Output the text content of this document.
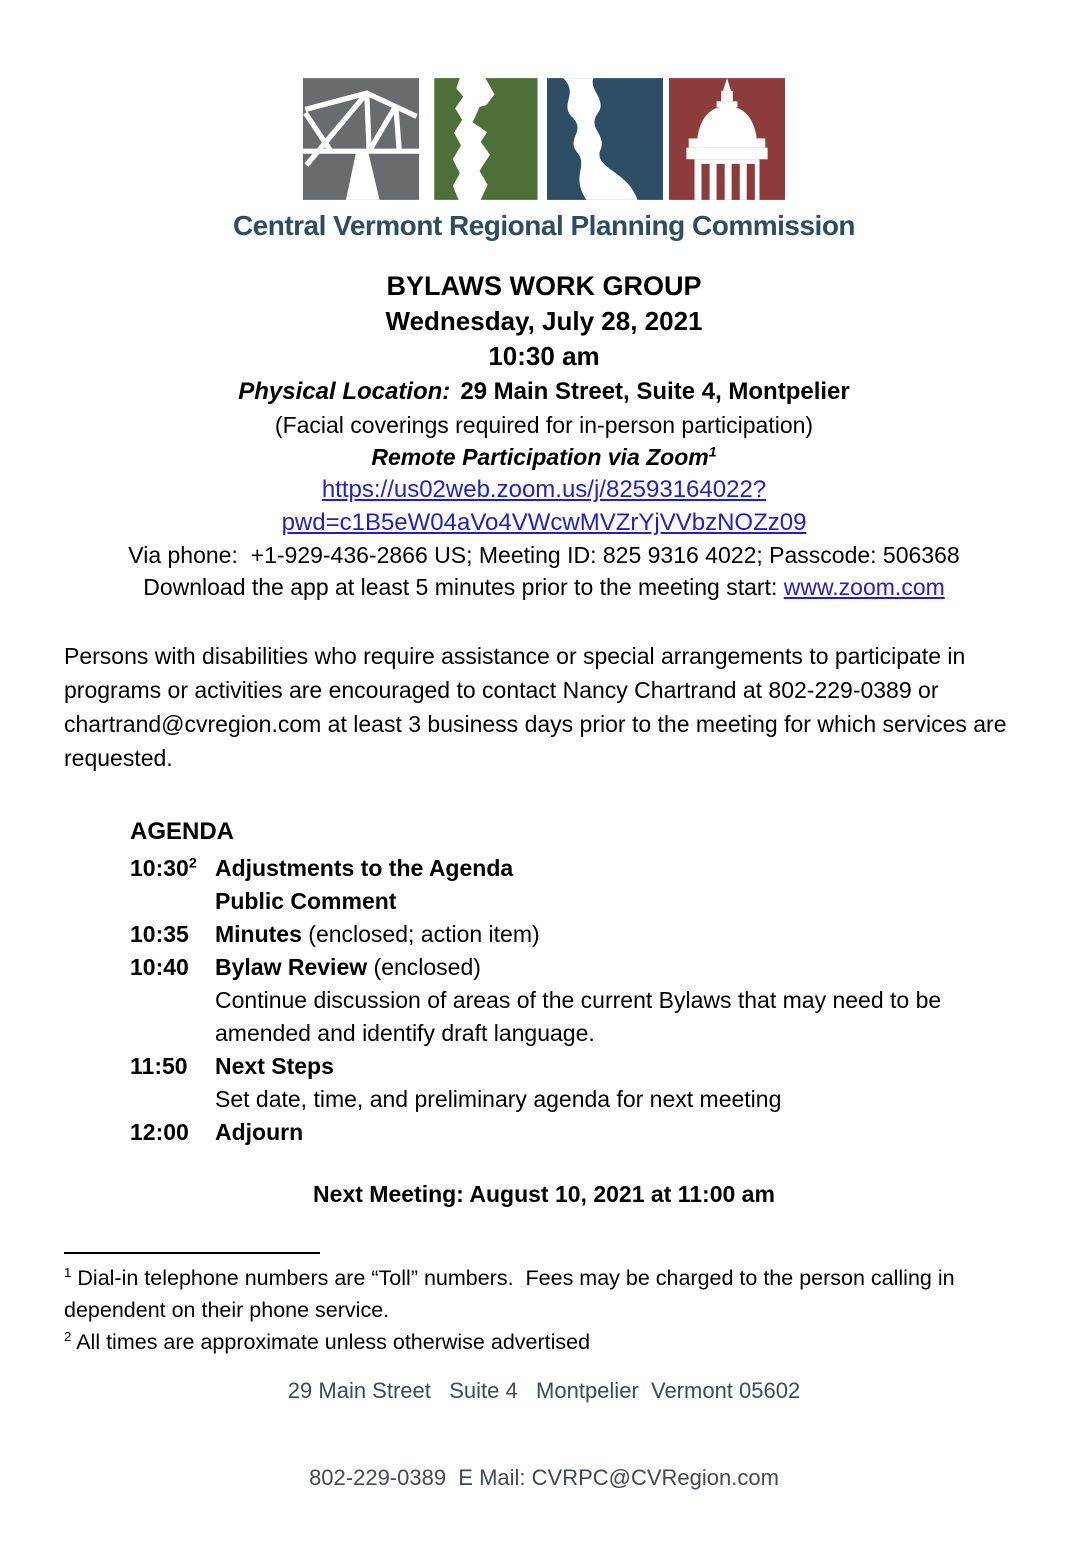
Central Vermont Regional Planning Commission
BYLAWS WORK GROUP
Wednesday, July 28, 2021
10:30 am
Physical Location: 29 Main Street, Suite 4, Montpelier
(Facial coverings required for in-person participation)
Remote Participation via Zoom$^1$
https://us02web.zoom.us/j/82593164022?pwd=c1B5eW04aVo4VWcwMVZrYjVVbzNOZz09
Via phone:  +1-929-436-2866 US; Meeting ID: 825 9316 4022; Passcode: 506368
Download the app at least 5 minutes prior to the meeting start: www.zoom.com

Persons with disabilities who require assistance or special arrangements to participate in programs or activities are encouraged to contact Nancy Chartrand at 802-229-0389 or chartrand@cvregion.com at least 3 business days prior to the meeting for which services are requested.

AGENDA
$10:30^2$ Adjustments to the Agenda
Public Comment
10:35	Minutes (enclosed; action item)
10:40	Bylaw Review (enclosed)
Continue discussion of areas of the current Bylaws that may need to be amended and identify draft language.
11:50	Next Steps
Set date, time, and preliminary agenda for next meeting
12:00	Adjourn
Next Meeting: August 10, 2021 at 11:00 am
$^1$ Dial-in telephone numbers are “Toll” numbers.  Fees may be charged to the person calling in dependent on their phone service.
$^2$ All times are approximate unless otherwise advertised

29 Main Street   Suite 4   Montpelier  Vermont 05602

802-229-0389  E Mail: CVRPC@CVRegion.com
